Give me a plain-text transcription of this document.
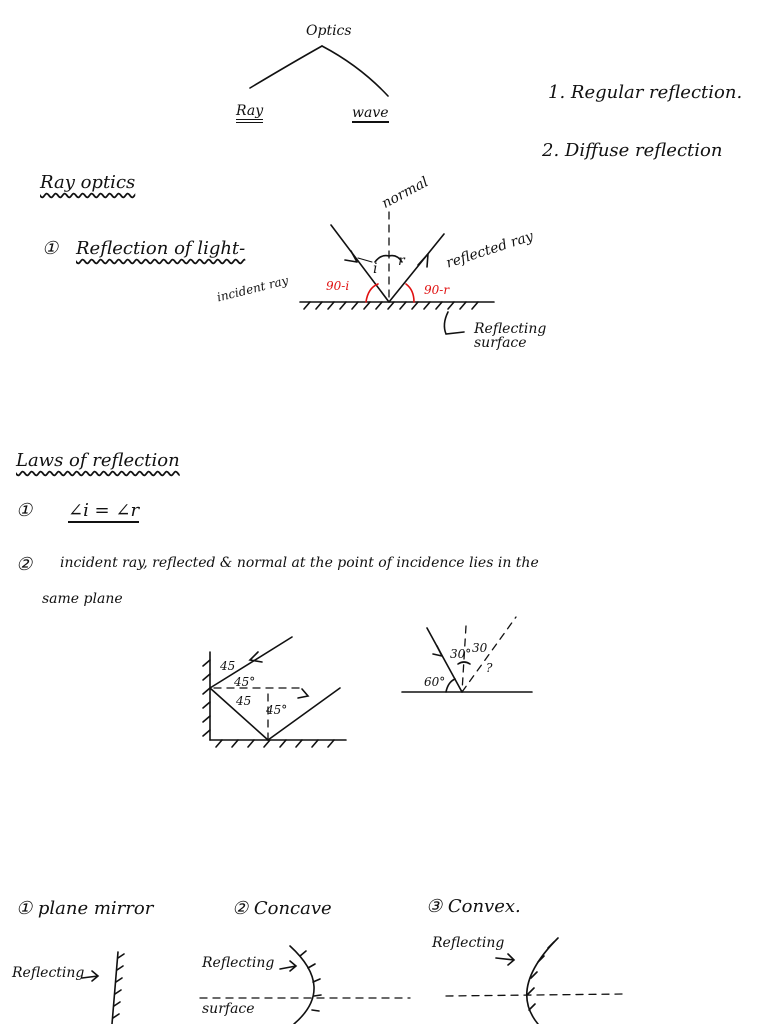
Optics
Ray	wave
1. Regular reflection.
2. Diffuse reflection
Ray optics
① Reflection of light-
normal
incident ray
reflected ray
Reflecting surface
i r
90-i	90-r
Laws of reflection
① ∠i = ∠r
② incident ray, reflected & normal at the point of incidence lies in the
same plane
45
45°
45
45°
60°
30° 30
?
① plane mirror	② Concave	③ Convex.
Reflecting
Reflecting
surface
Reflecting
